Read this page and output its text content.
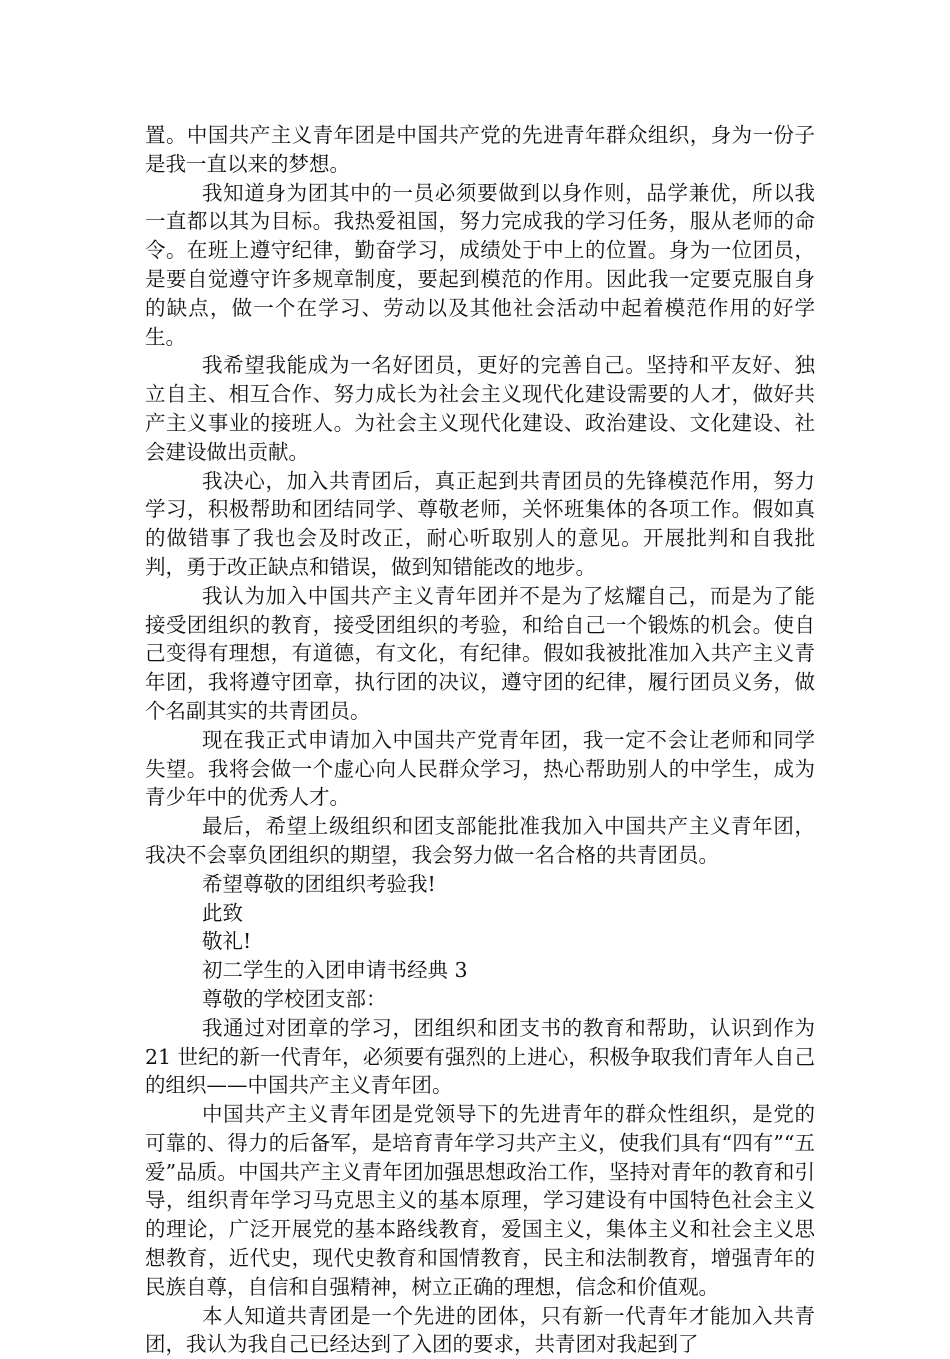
置。中国共产主义青年团是中国共产党的先进青年群众组织，身为一份子是我一直以来的梦想。

我知道身为团其中的一员必须要做到以身作则，品学兼优，所以我一直都以其为目标。我热爱祖国，努力完成我的学习任务，服从老师的命令。在班上遵守纪律，勤奋学习，成绩处于中上的位置。身为一位团员，是要自觉遵守许多规章制度，要起到模范的作用。因此我一定要克服自身的缺点，做一个在学习、劳动以及其他社会活动中起着模范作用的好学生。

我希望我能成为一名好团员，更好的完善自己。坚持和平友好、独立自主、相互合作、努力成长为社会主义现代化建设需要的人才，做好共产主义事业的接班人。为社会主义现代化建设、政治建设、文化建设、社会建设做出贡献。

我决心，加入共青团后，真正起到共青团员的先锋模范作用，努力学习，积极帮助和团结同学、尊敬老师，关怀班集体的各项工作。假如真的做错事了我也会及时改正，耐心听取别人的意见。开展批判和自我批判，勇于改正缺点和错误，做到知错能改的地步。

我认为加入中国共产主义青年团并不是为了炫耀自己，而是为了能接受团组织的教育，接受团组织的考验，和给自己一个锻炼的机会。使自己变得有理想，有道德，有文化，有纪律。假如我被批准加入共产主义青年团，我将遵守团章，执行团的决议，遵守团的纪律，履行团员义务，做个名副其实的共青团员。

现在我正式申请加入中国共产党青年团，我一定不会让老师和同学失望。我将会做一个虚心向人民群众学习，热心帮助别人的中学生，成为青少年中的优秀人才。

最后，希望上级组织和团支部能批准我加入中国共产主义青年团，我决不会辜负团组织的期望，我会努力做一名合格的共青团员。

希望尊敬的团组织考验我!

此致

敬礼!

初二学生的入团申请书经典 3

尊敬的学校团支部：

我通过对团章的学习，团组织和团支书的教育和帮助，认识到作为 21 世纪的新一代青年，必须要有强烈的上进心，积极争取我们青年人自己的组织——中国共产主义青年团。

中国共产主义青年团是党领导下的先进青年的群众性组织，是党的可靠的、得力的后备军，是培育青年学习共产主义，使我们具有“四有”“五爱”品质。中国共产主义青年团加强思想政治工作，坚持对青年的教育和引导，组织青年学习马克思主义的基本原理，学习建设有中国特色社会主义的理论，广泛开展党的基本路线教育，爱国主义，集体主义和社会主义思想教育，近代史，现代史教育和国情教育，民主和法制教育，增强青年的民族自尊，自信和自强精神，树立正确的理想，信念和价值观。

本人知道共青团是一个先进的团体，只有新一代青年才能加入共青团，我认为我自己已经达到了入团的要求，共青团对我起到了
